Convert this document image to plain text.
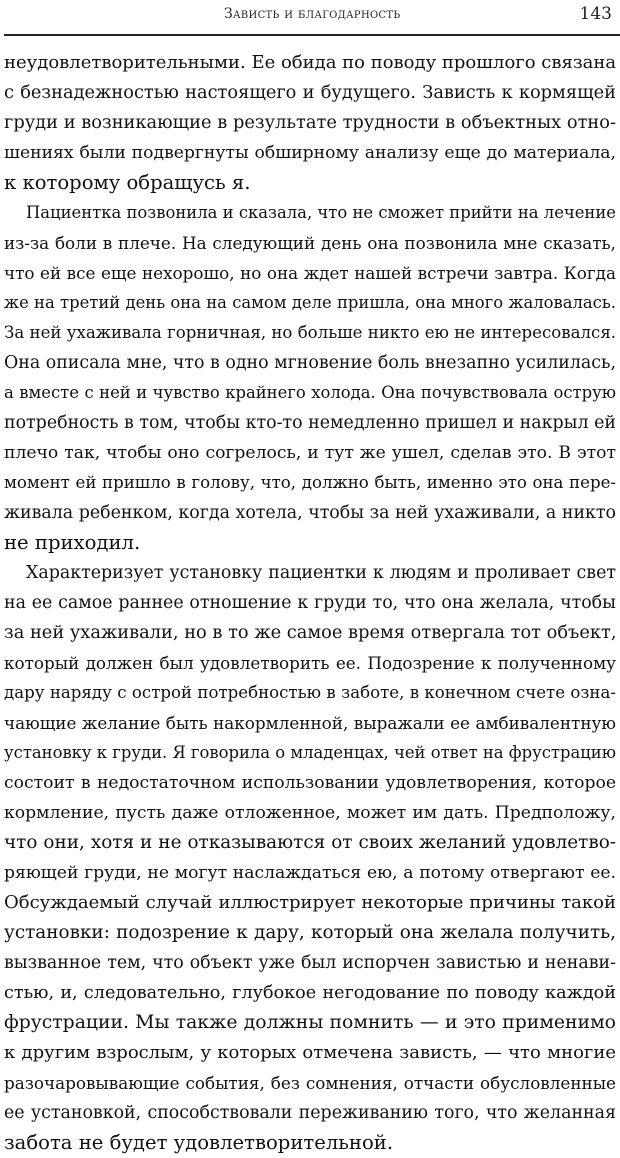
Зависть и благодарность	143
неудовлетворительными. Ее обида по поводу прошлого связана
с безнадежностью настоящего и будущего. Зависть к кормящей
груди и возникающие в результате трудности в объектных отно-
шениях были подвергнуты обширному анализу еще до материала,
к которому обращусь я.
Пациентка позвонила и сказала, что не сможет прийти на лечение
из-за боли в плече. На следующий день она позвонила мне сказать,
что ей все еще нехорошо, но она ждет нашей встречи завтра. Когда
же на третий день она на самом деле пришла, она много жаловалась.
За ней ухаживала горничная, но больше никто ею не интересовался.
Она описала мне, что в одно мгновение боль внезапно усилилась,
а вместе с ней и чувство крайнего холода. Она почувствовала острую
потребность в том, чтобы кто-то немедленно пришел и накрыл ей
плечо так, чтобы оно согрелось, и тут же ушел, сделав это. В этот
момент ей пришло в голову, что, должно быть, именно это она пере-
живала ребенком, когда хотела, чтобы за ней ухаживали, а никто
не приходил.
Характеризует установку пациентки к людям и проливает свет
на ее самое раннее отношение к груди то, что она желала, чтобы
за ней ухаживали, но в то же самое время отвергала тот объект,
который должен был удовлетворить ее. Подозрение к полученному
дару наряду с острой потребностью в заботе, в конечном счете озна-
чающие желание быть накормленной, выражали ее амбивалентную
установку к груди. Я говорила о младенцах, чей ответ на фрустрацию
состоит в недостаточном использовании удовлетворения, которое
кормление, пусть даже отложенное, может им дать. Предположу,
что они, хотя и не отказываются от своих желаний удовлетво-
ряющей груди, не могут наслаждаться ею, а потому отвергают ее.
Обсуждаемый случай иллюстрирует некоторые причины такой
установки: подозрение к дару, который она желала получить,
вызванное тем, что объект уже был испорчен завистью и ненави-
стью, и, следовательно, глубокое негодование по поводу каждой
фрустрации. Мы также должны помнить — и это применимо
к другим взрослым, у которых отмечена зависть, — что многие
разочаровывающие события, без сомнения, отчасти обусловленные
ее установкой, способствовали переживанию того, что желанная
забота не будет удовлетворительной.
